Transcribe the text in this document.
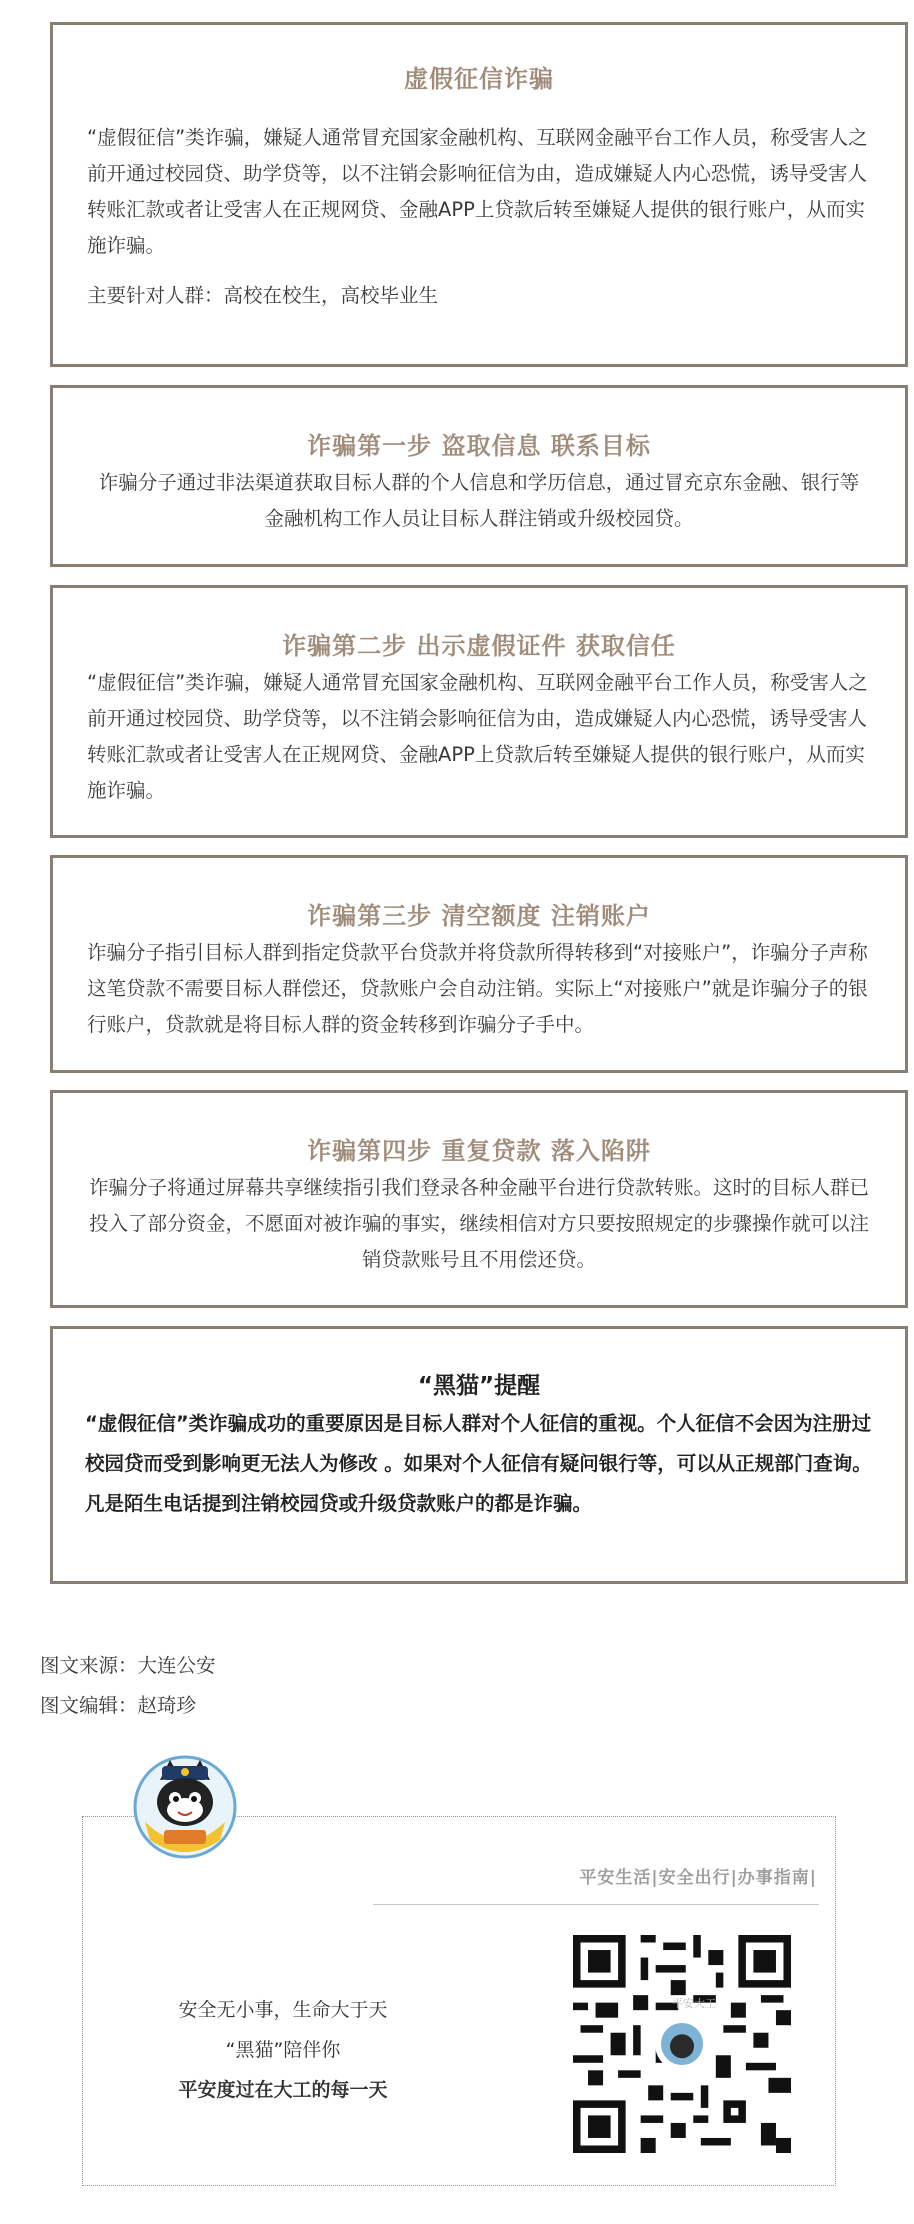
虚假征信诈骗
“虚假征信”类诈骗，嫌疑人通常冒充国家金融机构、互联网金融平台工作人员，称受害人之前开通过校园贷、助学贷等，以不注销会影响征信为由，造成嫌疑人内心恐慌，诱导受害人转账汇款或者让受害人在正规网贷、金融APP上贷款后转至嫌疑人提供的银行账户，从而实施诈骗。
主要针对人群：高校在校生，高校毕业生
诈骗第一步 盗取信息 联系目标
诈骗分子通过非法渠道获取目标人群的个人信息和学历信息，通过冒充京东金融、银行等金融机构工作人员让目标人群注销或升级校园贷。
诈骗第二步 出示虚假证件 获取信任
“虚假征信”类诈骗，嫌疑人通常冒充国家金融机构、互联网金融平台工作人员，称受害人之前开通过校园贷、助学贷等，以不注销会影响征信为由，造成嫌疑人内心恐慌，诱导受害人转账汇款或者让受害人在正规网贷、金融APP上贷款后转至嫌疑人提供的银行账户，从而实施诈骗。
诈骗第三步 清空额度 注销账户
诈骗分子指引目标人群到指定贷款平台贷款并将贷款所得转移到“对接账户”，诈骗分子声称这笔贷款不需要目标人群偿还，贷款账户会自动注销。实际上“对接账户”就是诈骗分子的银行账户，贷款就是将目标人群的资金转移到诈骗分子手中。
诈骗第四步 重复贷款 落入陷阱
诈骗分子将通过屏幕共享继续指引我们登录各种金融平台进行贷款转账。这时的目标人群已投入了部分资金，不愿面对被诈骗的事实，继续相信对方只要按照规定的步骤操作就可以注销贷款账号且不用偿还贷。
“黑猫”提醒
“虚假征信”类诈骗成功的重要原因是目标人群对个人征信的重视。个人征信不会因为注册过校园贷而受到影响更无法人为修改 。如果对个人征信有疑问银行等，可以从正规部门查询。凡是陌生电话提到注销校园贷或升级贷款账户的都是诈骗。
图文来源：大连公安
图文编辑：赵琦珍
平安生活|安全出行|办事指南|
安全无小事，生命大于天
“黑猫”陪伴你
平安度过在大工的每一天
平安大工
